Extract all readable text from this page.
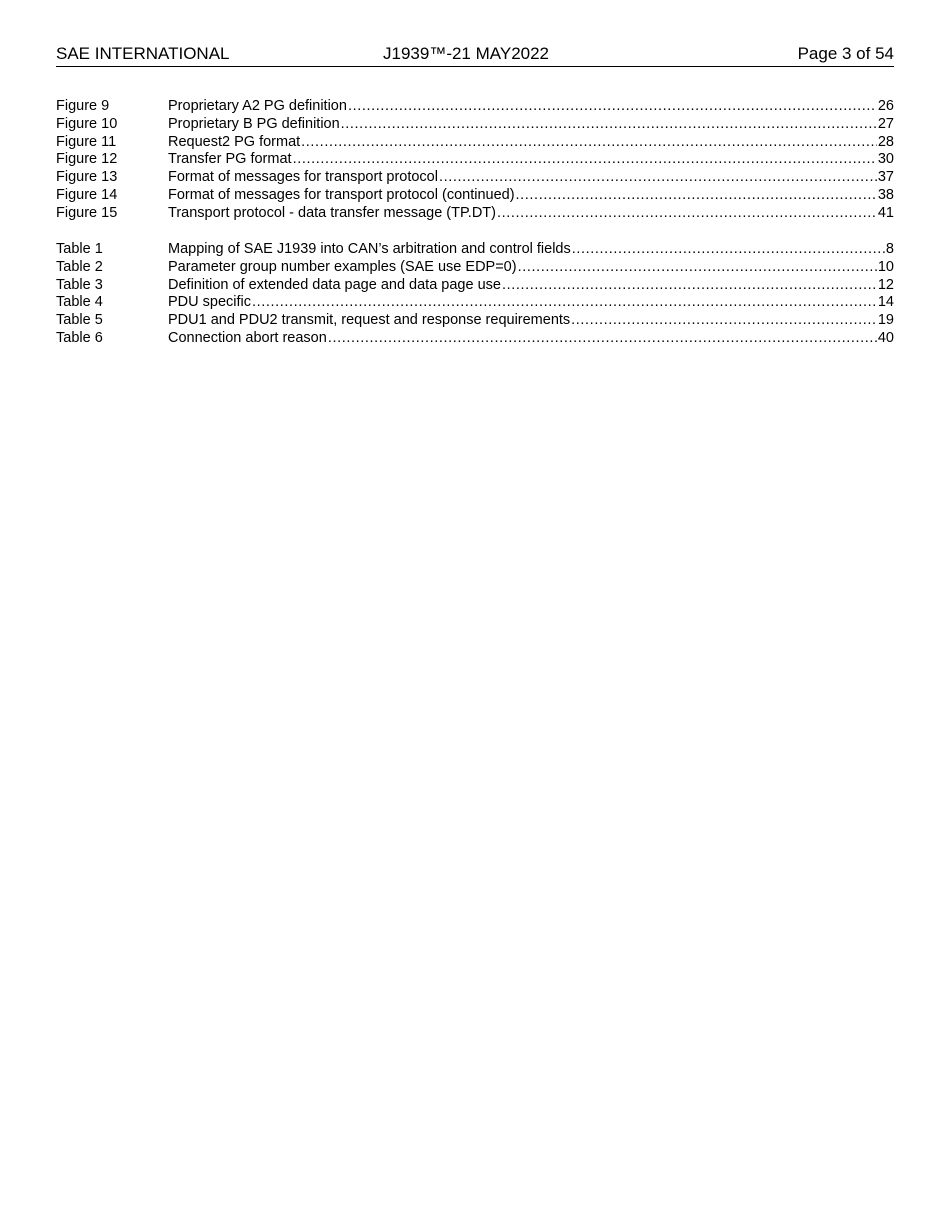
SAE INTERNATIONAL	J1939™-21 MAY2022	Page 3 of 54
Figure 9	Proprietary A2 PG definition .....	26
Figure 10	Proprietary B PG definition .....	27
Figure 11	Request2 PG format .....	28
Figure 12	Transfer PG format .....	30
Figure 13	Format of messages for transport protocol .....	37
Figure 14	Format of messages for transport protocol (continued) .....	38
Figure 15	Transport protocol - data transfer message (TP.DT) .....	41
Table 1	Mapping of SAE J1939 into CAN’s arbitration and control fields .....	8
Table 2	Parameter group number examples (SAE use EDP=0) .....	10
Table 3	Definition of extended data page and data page use .....	12
Table 4	PDU specific .....	14
Table 5	PDU1 and PDU2 transmit, request and response requirements .....	19
Table 6	Connection abort reason .....	40
